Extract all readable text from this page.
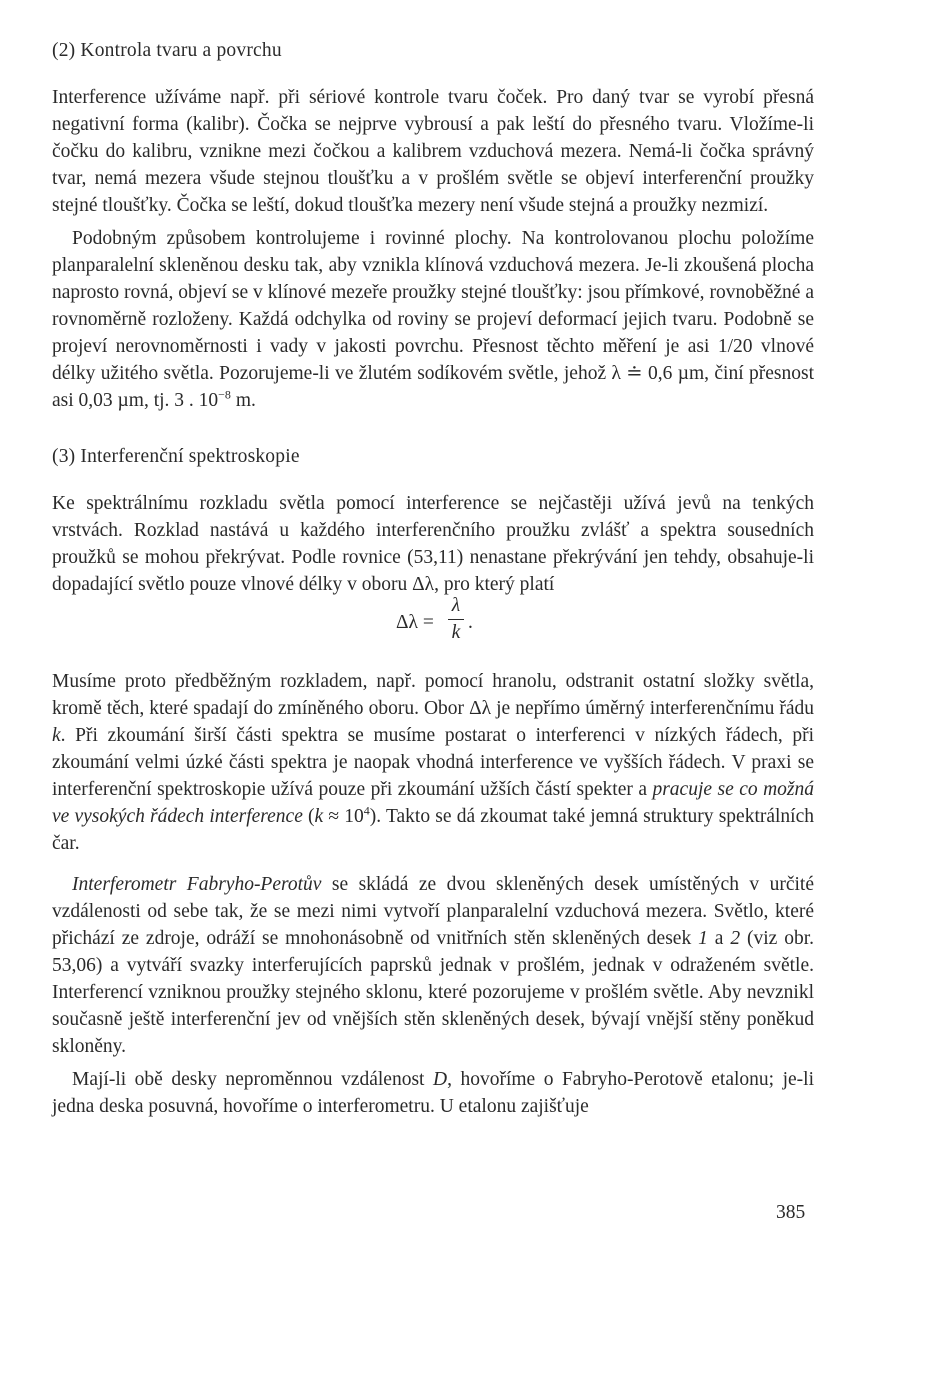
(2) Kontrola tvaru a povrchu

Interference užíváme např. při sériové kontrole tvaru čoček. Pro daný tvar se vyrobí přesná negativní forma (kalibr). Čočka se nejprve vybrousí a pak leští do přesného tvaru. Vložíme-li čočku do kalibru, vznikne mezi čočkou a kalibrem vzduchová mezera. Nemá-li čočka správný tvar, nemá mezera všude stejnou tloušťku a v prošlém světle se objeví interferenční proužky stejné tloušťky. Čočka se leští, dokud tloušťka mezery není všude stejná a proužky nezmizí.

Podobným způsobem kontrolujeme i rovinné plochy. Na kontrolovanou plochu položíme planparalelní skleněnou desku tak, aby vznikla klínová vzduchová mezera. Je-li zkoušená plocha naprosto rovná, objeví se v klínové mezeře proužky stejné tloušťky: jsou přímkové, rovnoběžné a rovnoměrně rozloženy. Každá odchylka od roviny se projeví deformací jejich tvaru. Podobně se projeví nerovnoměrnosti i vady v jakosti povrchu. Přesnost těchto měření je asi 1/20 vlnové délky užitého světla. Pozorujeme-li ve žlutém sodíkovém světle, jehož λ ≐ 0,6 µm, činí přesnost asi 0,03 µm, tj. 3 . $10^{-8}$ m.

(3) Interferenční spektroskopie

Ke spektrálnímu rozkladu světla pomocí interference se nejčastěji užívá jevů na tenkých vrstvách. Rozklad nastává u každého interferenčního proužku zvlášť a spektra sousedních proužků se mohou překrývat. Podle rovnice (53,11) nenastane překrývání jen tehdy, obsahuje-li dopadající světlo pouze vlnové délky v oboru Δλ, pro který platí

Δλ =
λ
k .

Musíme proto předběžným rozkladem, např. pomocí hranolu, odstranit ostatní složky světla, kromě těch, které spadají do zmíněného oboru. Obor Δλ je nepřímo úměrný interferenčnímu řádu k. Při zkoumání širší části spektra se musíme postarat o interferenci v nízkých řádech, při zkoumání velmi úzké části spektra je naopak vhodná interference ve vyšších řádech. V praxi se interferenční spektroskopie užívá pouze při zkoumání užších částí spekter a pracuje se co možná ve vysokých řádech interference $(k \approx 10^4)$. Takto se dá zkoumat také jemná struktury spektrálních čar.

Interferometr Fabryho-Perotův se skládá ze dvou skleněných desek umístěných v určité vzdálenosti od sebe tak, že se mezi nimi vytvoří planparalelní vzduchová mezera. Světlo, které přichází ze zdroje, odráží se mnohonásobně od vnitřních stěn skleněných desek 1 a 2 (viz obr. 53,06) a vytváří svazky interferujících paprsků jednak v prošlém, jednak v odraženém světle. Interferencí vzniknou proužky stejného sklonu, které pozorujeme v prošlém světle. Aby nevznikl současně ještě interferenční jev od vnějších stěn skleněných desek, bývají vnější stěny poněkud skloněny.

Mají-li obě desky neproměnnou vzdálenost D, hovoříme o Fabryho-Perotově etalonu; je-li jedna deska posuvná, hovoříme o interferometru. U etalonu zajišťuje

385
